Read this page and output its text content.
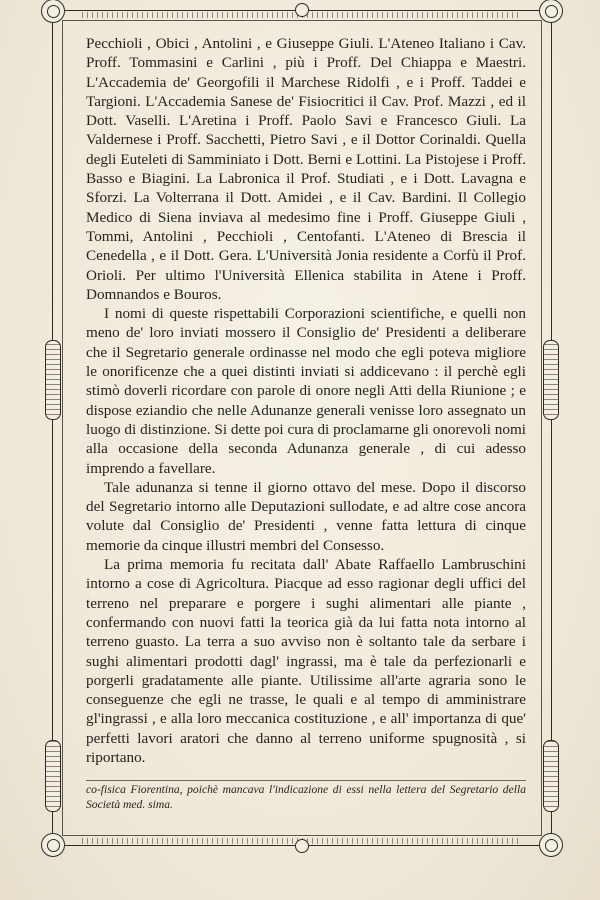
Pecchioli , Obici , Antolini , e Giuseppe Giuli. L'Ateneo Italiano i Cav. Proff. Tommasini e Carlini , più i Proff. Del Chiappa e Maestri. L'Accademia de' Georgofili il Marchese Ridolfi , e i Proff. Taddei e Targioni. L'Accademia Sanese de' Fisiocritici il Cav. Prof. Mazzi , ed il Dott. Vaselli. L'Aretina i Proff. Paolo Savi e Francesco Giuli. La Valdernese i Proff. Sacchetti, Pietro Savi , e il Dottor Corinaldi. Quella degli Euteleti di Samminiato i Dott. Berni e Lottini. La Pistojese i Proff. Basso e Biagini. La Labronica il Prof. Studiati , e i Dott. Lavagna e Sforzi. La Volterrana il Dott. Amidei , e il Cav. Bardini. Il Collegio Medico di Siena inviava al medesimo fine i Proff. Giuseppe Giuli , Tommi, Antolini , Pecchioli , Centofanti. L'Ateneo di Brescia il Cenedella , e il Dott. Gera. L'Università Jonia residente a Corfù il Prof. Orioli. Per ultimo l'Università Ellenica stabilita in Atene i Proff. Domnandos e Bouros.

I nomi di queste rispettabili Corporazioni scientifiche, e quelli non meno de' loro inviati mossero il Consiglio de' Presidenti a deliberare che il Segretario generale ordinasse nel modo che egli poteva migliore le onorificenze che a quei distinti inviati si addicevano : il perchè egli stimò doverli ricordare con parole di onore negli Atti della Riunione ; e dispose eziandio che nelle Adunanze generali venisse loro assegnato un luogo di distinzione. Si dette poi cura di proclamarne gli onorevoli nomi alla occasione della seconda Adunanza generale , di cui adesso imprendo a favellare.

Tale adunanza si tenne il giorno ottavo del mese. Dopo il discorso del Segretario intorno alle Deputazioni sullodate, e ad altre cose ancora volute dal Consiglio de' Presidenti , venne fatta lettura di cinque memorie da cinque illustri membri del Consesso.

La prima memoria fu recitata dall' Abate Raffaello Lambruschini intorno a cose di Agricoltura. Piacque ad esso ragionar degli uffici del terreno nel preparare e porgere i sughi alimentari alle piante , confermando con nuovi fatti la teorica già da lui fatta nota intorno al terreno guasto. La terra a suo avviso non è soltanto tale da serbare i sughi alimentari prodotti dagl' ingrassi, ma è tale da perfezionarli e porgerli gradatamente alle piante. Utilissime all'arte agraria sono le conseguenze che egli ne trasse, le quali e al tempo di amministrare gl'ingrassi , e alla loro meccanica costituzione , e all' importanza di que' perfetti lavori aratori che danno al terreno uniforme spugnosità , si riportano.

co-fisica Fiorentina, poichè mancava l'indicazione di essi nella lettera del Segretario della Società med. sima.
